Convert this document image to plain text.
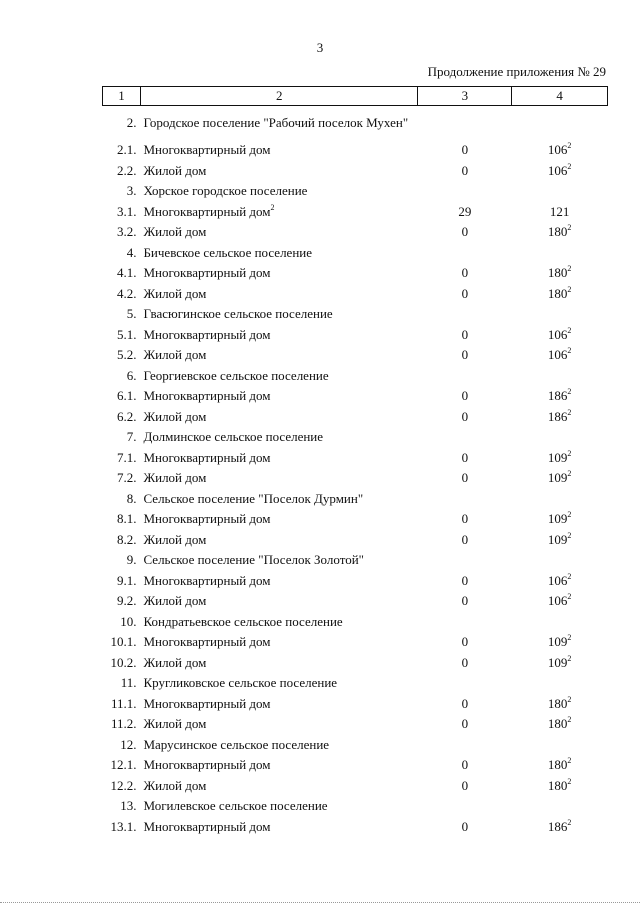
3
Продолжение приложения № 29
1	2	3	4
2.	Городское поселение "Рабочий поселок Мухен"		
2.1.	Многоквартирный дом	0	$106^2$
2.2.	Жилой дом	0	$106^2$
3.	Хорское городское поселение		
3.1.	Многоквартирный дом$^2$	29	121
3.2.	Жилой дом	0	$180^2$
4.	Бичевское сельское поселение		
4.1.	Многоквартирный дом	0	$180^2$
4.2.	Жилой дом	0	$180^2$
5.	Гвасюгинское сельское поселение		
5.1.	Многоквартирный дом	0	$106^2$
5.2.	Жилой дом	0	$106^2$
6.	Георгиевское сельское поселение		
6.1.	Многоквартирный дом	0	$186^2$
6.2.	Жилой дом	0	$186^2$
7.	Долминское сельское поселение		
7.1.	Многоквартирный дом	0	$109^2$
7.2.	Жилой дом	0	$109^2$
8.	Сельское поселение "Поселок Дурмин"		
8.1.	Многоквартирный дом	0	$109^2$
8.2.	Жилой дом	0	$109^2$
9.	Сельское поселение "Поселок Золотой"		
9.1.	Многоквартирный дом	0	$106^2$
9.2.	Жилой дом	0	$106^2$
10.	Кондратьевское сельское поселение		
10.1.	Многоквартирный дом	0	$109^2$
10.2.	Жилой дом	0	$109^2$
11.	Кругликовское сельское поселение		
11.1.	Многоквартирный дом	0	$180^2$
11.2.	Жилой дом	0	$180^2$
12.	Марусинское сельское поселение		
12.1.	Многоквартирный дом	0	$180^2$
12.2.	Жилой дом	0	$180^2$
13.	Могилевское сельское поселение		
13.1.	Многоквартирный дом	0	$186^2$
